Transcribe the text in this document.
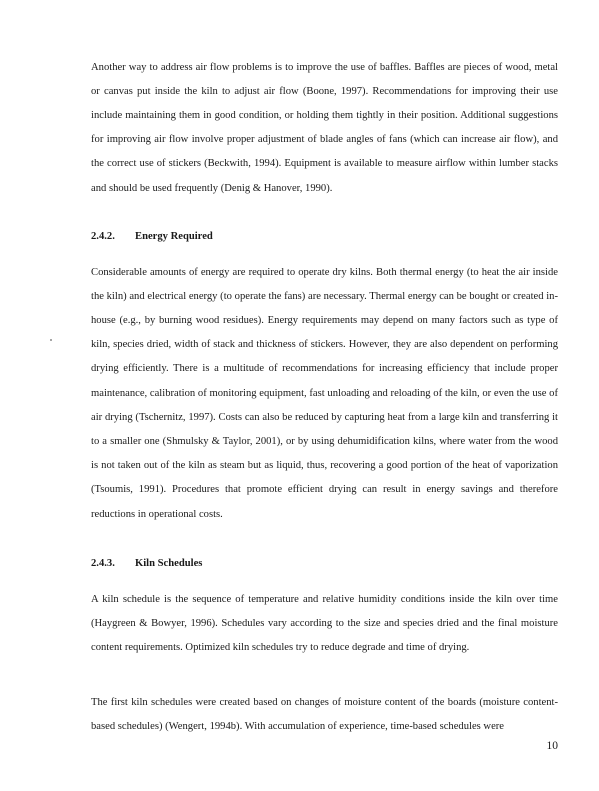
Another way to address air flow problems is to improve the use of baffles. Baffles are pieces of wood, metal or canvas put inside the kiln to adjust air flow (Boone, 1997). Recommendations for improving their use include maintaining them in good condition, or holding them tightly in their position. Additional suggestions for improving air flow involve proper adjustment of blade angles of fans (which can increase air flow), and the correct use of stickers (Beckwith, 1994). Equipment is available to measure airflow within lumber stacks and should be used frequently (Denig & Hanover, 1990).

2.4.2. Energy Required

Considerable amounts of energy are required to operate dry kilns. Both thermal energy (to heat the air inside the kiln) and electrical energy (to operate the fans) are necessary. Thermal energy can be bought or created in-house (e.g., by burning wood residues). Energy requirements may depend on many factors such as type of kiln, species dried, width of stack and thickness of stickers. However, they are also dependent on performing drying efficiently. There is a multitude of recommendations for increasing efficiency that include proper maintenance, calibration of monitoring equipment, fast unloading and reloading of the kiln, or even the use of air drying (Tschernitz, 1997). Costs can also be reduced by capturing heat from a large kiln and transferring it to a smaller one (Shmulsky & Taylor, 2001), or by using dehumidification kilns, where water from the wood is not taken out of the kiln as steam but as liquid, thus, recovering a good portion of the heat of vaporization (Tsoumis, 1991). Procedures that promote efficient drying can result in energy savings and therefore reductions in operational costs.

2.4.3. Kiln Schedules

A kiln schedule is the sequence of temperature and relative humidity conditions inside the kiln over time (Haygreen & Bowyer, 1996). Schedules vary according to the size and species dried and the final moisture content requirements. Optimized kiln schedules try to reduce degrade and time of drying.

The first kiln schedules were created based on changes of moisture content of the boards (moisture content-based schedules) (Wengert, 1994b). With accumulation of experience, time-based schedules were

10
